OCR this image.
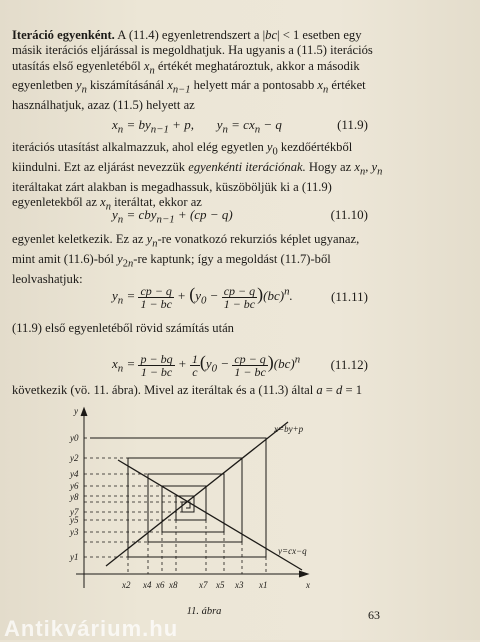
Iteráció egyenként. A (11.4) egyenletrendszert a |bc| < 1 esetben egy másik iterációs eljárással is megoldhatjuk. Ha ugyanis a (11.5) iterációs utasítás első egyenletéből $x_n$ értékét meghatároztuk, akkor a második egyenletben $y_n$ kiszámításánál $x_{n-1}$ helyett már a pontosabb $x_n$ értéket használhatjuk, azaz (11.5) helyett az
$x_n = by_{n-1} + p$,       $y_n = cx_n - q$	(11.9)
iterációs utasítást alkalmazzuk, ahol elég egyetlen $y_0$ kezdőértékből kiindulni. Ezt az eljárást nevezzük egyenkénti iterációnak. Hogy az $x_n$, $y_n$ iteráltakat zárt alakban is megadhassuk, küszöböljük ki a (11.9) egyenletekből az $x_n$ iteráltat, ekkor az
$y_n = cby_{n-1} + (cp - q)$	(11.10)
egyenlet keletkezik. Ez az $y_n-re$ vonatkozó rekurziós képlet ugyanaz, mint amit (11.6)-ból $y_{2n}-re$ kaptunk; így a megoldást (11.7)-ből leolvashatjuk:
$y_n = \frac{cp - q}{1 - bc} + (y_0 - \frac{cp - q}{1 - bc} )(bc)^n$.	(11.11)
(11.9) első egyenletéből rövid számítás után
$x_n = \frac{p - bq}{1 - bc} + \frac{1}{c} (y_0 - \frac{cp - q}{1 - bc} )(bc)^n$ (11.12)
következik (vö. 11. ábra). Mivel az iteráltak és a (11.3) által a = d = 1
y
x
x=by+p
y=cx−q
y0
y2
y4
y6
y8
y7
y5
y3
y1
x2 x4 x6 x8 x7 x5 x3 x1
11. ábra	63
Antikvárium.hu
